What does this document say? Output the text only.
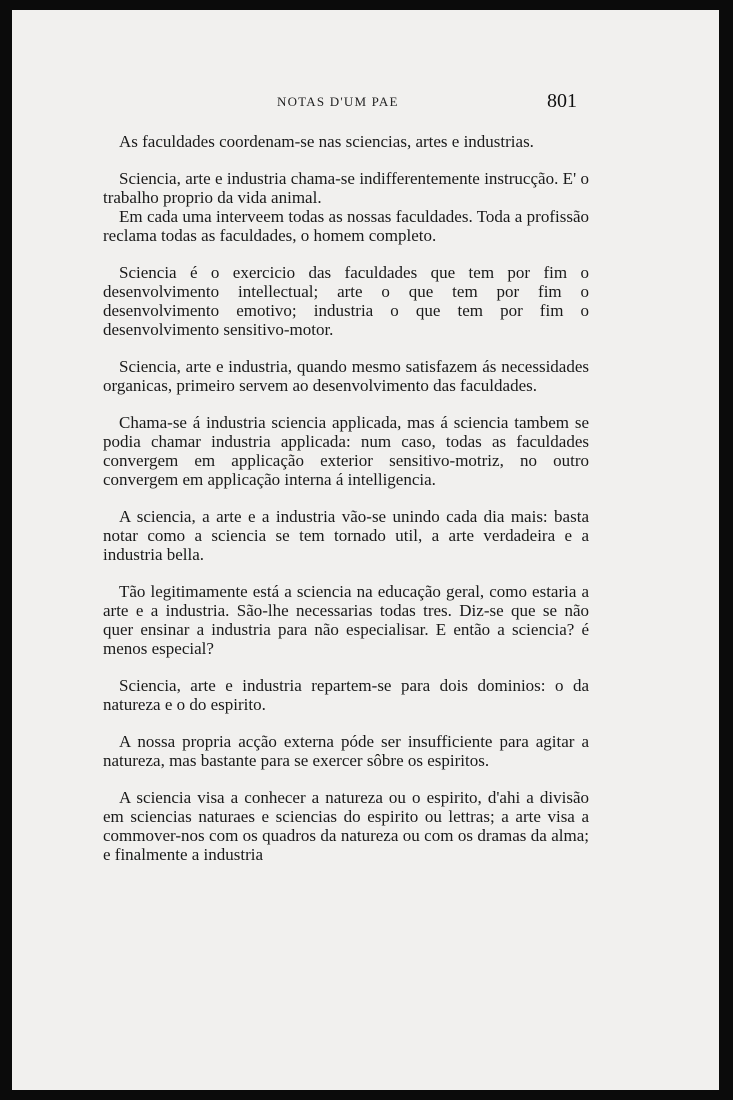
NOTAS D'UM PAE	801

As faculdades coordenam-se nas sciencias, artes e industrias.

Sciencia, arte e industria chama-se indifferentemente instrucção. E' o trabalho proprio da vida animal.

Em cada uma interveem todas as nossas faculdades. Toda a profissão reclama todas as faculdades, o homem completo.

Sciencia é o exercicio das faculdades que tem por fim o desenvolvimento intellectual; arte o que tem por fim o desenvolvimento emotivo; industria o que tem por fim o desenvolvimento sensitivo-motor.

Sciencia, arte e industria, quando mesmo satisfazem ás necessidades organicas, primeiro servem ao desenvolvimento das faculdades.

Chama-se á industria sciencia applicada, mas á sciencia tambem se podia chamar industria applicada: num caso, todas as faculdades convergem em applicação exterior sensitivo-motriz, no outro convergem em applicação interna á intelligencia.

A sciencia, a arte e a industria vão-se unindo cada dia mais: basta notar como a sciencia se tem tornado util, a arte verdadeira e a industria bella.

Tão legitimamente está a sciencia na educação geral, como estaria a arte e a industria. São-lhe necessarias todas tres. Diz-se que se não quer ensinar a industria para não especialisar. E então a sciencia? é menos especial?

Sciencia, arte e industria repartem-se para dois dominios: o da natureza e o do espirito.

A nossa propria acção externa póde ser insufficiente para agitar a natureza, mas bastante para se exercer sôbre os espiritos.

A sciencia visa a conhecer a natureza ou o espirito, d'ahi a divisão em sciencias naturaes e sciencias do espirito ou lettras; a arte visa a commover-nos com os quadros da natureza ou com os dramas da alma; e finalmente a industria
